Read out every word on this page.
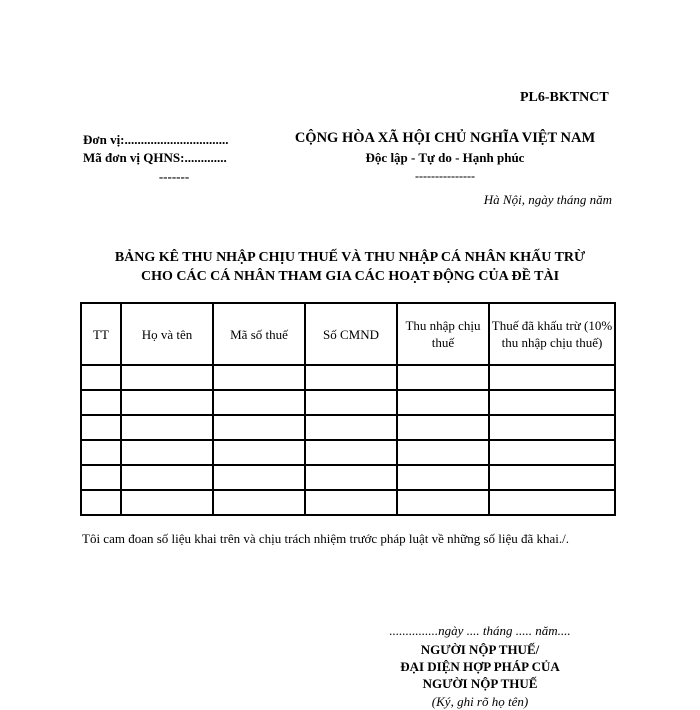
PL6-BKTNCT
Đơn vị:................................
Mã đơn vị QHNS:.............
-------
CỘNG HÒA XÃ HỘI CHỦ NGHĨA VIỆT NAM
Độc lập - Tự do - Hạnh phúc
---------------
Hà Nội, ngày tháng năm
BẢNG KÊ THU NHẬP CHỊU THUẾ VÀ THU NHẬP CÁ NHÂN KHẤU TRỪ
CHO CÁC CÁ NHÂN THAM GIA CÁC HOẠT ĐỘNG CỦA ĐỀ TÀI
TT	Họ và tên	Mã số thuế	Số CMND	Thu nhập chịu thuế	Thuế đã khấu trừ (10% thu nhập chịu thuế)

Tôi cam đoan số liệu khai trên và chịu trách nhiệm trước pháp luật về những số liệu đã khai./.
...............ngày .... tháng ..... năm....
NGƯỜI NỘP THUẾ/
ĐẠI DIỆN HỢP PHÁP CỦA
NGƯỜI NỘP THUẾ
(Ký, ghi rõ họ tên)
